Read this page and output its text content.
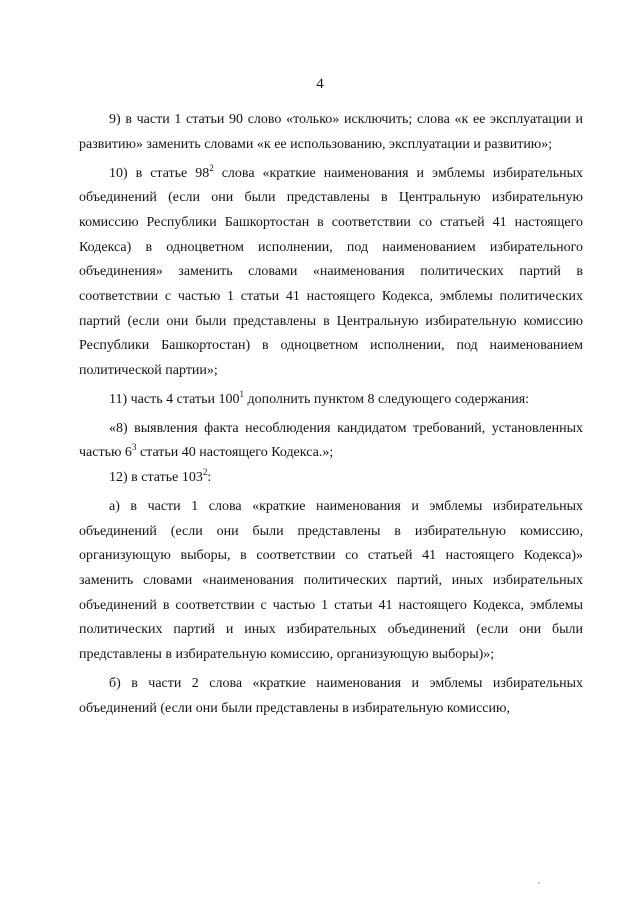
4

9) в части 1 статьи 90 слово «только» исключить; слова «к ее эксплуатации и развитию» заменить словами «к ее использованию, эксплуатации и развитию»;

10) в статье $98^2$ слова «краткие наименования и эмблемы избирательных объединений (если они были представлены в Центральную избирательную комиссию Республики Башкортостан в соответствии со статьей 41 настоящего Кодекса) в одноцветном исполнении, под наименованием избирательного объединения» заменить словами «наименования политических партий в соответствии с частью 1 статьи 41 настоящего Кодекса, эмблемы политических партий (если они были представлены в Центральную избирательную комиссию Республики Башкортостан) в одноцветном исполнении, под наименованием политической партии»;

11) часть 4 статьи $100^1$ дополнить пунктом 8 следующего содержания:

«8) выявления факта несоблюдения кандидатом требований, установленных частью $6^3$ статьи 40 настоящего Кодекса.»;

12) в статье $103^2$:

а) в части 1 слова «краткие наименования и эмблемы избирательных объединений (если они были представлены в избирательную комиссию, организующую выборы, в соответствии со статьей 41 настоящего Кодекса)» заменить словами «наименования политических партий, иных избирательных объединений в соответствии с частью 1 статьи 41 настоящего Кодекса, эмблемы политических партий и иных избирательных объединений (если они были представлены в избирательную комиссию, организующую выборы)»;

б) в части 2 слова «краткие наименования и эмблемы избирательных объединений (если они были представлены в избирательную комиссию,
